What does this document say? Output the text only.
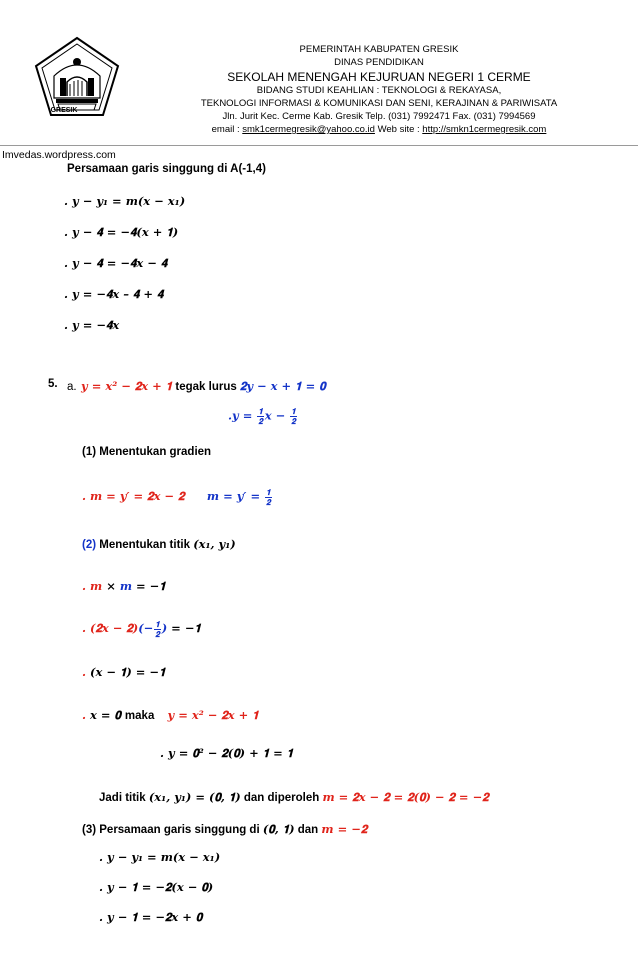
GRESIK
PEMERINTAH KABUPATEN GRESIK
DINAS PENDIDIKAN
SEKOLAH MENENGAH KEJURUAN NEGERI 1 CERME
BIDANG STUDI KEAHLIAN : TEKNOLOGI & REKAYASA,
TEKNOLOGI INFORMASI & KOMUNIKASI DAN SENI, KERAJINAN & PARIWISATA
Jln. Jurit Kec. Cerme Kab. Gresik Telp. (031) 7992471 Fax. (031) 7994569
email : smk1cermegresik@yahoo.co.id Web site : http://smkn1cermegresik.com
Imvedas.wordpress.com
Persamaan garis singgung di A(-1,4)
. 𝒚 − 𝒚₁ = 𝒎(𝒙 − 𝒙₁)
. 𝒚 − 𝟒 = −𝟒(𝒙 + 𝟏)
. 𝒚 − 𝟒 = −𝟒𝒙 − 𝟒
. 𝒚 = −𝟒𝒙 – 𝟒 + 𝟒
. 𝒚 = −𝟒𝒙
5. a. 𝒚 = 𝒙² − 𝟐𝒙 + 𝟏 tegak lurus 𝟐𝒚 − 𝒙 + 𝟏 = 𝟎
.𝒚 = $\frac{𝟏}{𝟐}$ 𝒙 − $\frac{𝟏}{𝟐}$
(1) Menentukan gradien
. 𝒎 = 𝒚′ = 𝟐𝒙 − 𝟐 𝒎 = 𝒚′ = $\frac{𝟏}{𝟐}$
(2) Menentukan titik (𝒙₁, 𝒚₁)
. 𝒎 × 𝒎 = −𝟏
. (𝟐𝒙 − 𝟐)(− $\frac{𝟏}{𝟐}$ ) = −𝟏
. (𝒙 − 𝟏) = −𝟏
. 𝒙 = 𝟎 maka 𝒚 = 𝒙² − 𝟐𝒙 + 𝟏
. 𝒚 = 𝟎² − 𝟐(𝟎) + 𝟏 = 𝟏
Jadi titik (𝒙₁, 𝒚₁) = (𝟎, 𝟏) dan diperoleh 𝒎 = 𝟐𝒙 − 𝟐 = 𝟐(𝟎) − 𝟐 = −𝟐
(3) Persamaan garis singgung di (𝟎, 𝟏) dan 𝒎 = −𝟐
. 𝒚 − 𝒚₁ = 𝒎(𝒙 − 𝒙₁)
. 𝒚 − 𝟏 = −𝟐(𝒙 − 𝟎)
. 𝒚 − 𝟏 = −𝟐𝒙 + 𝟎
